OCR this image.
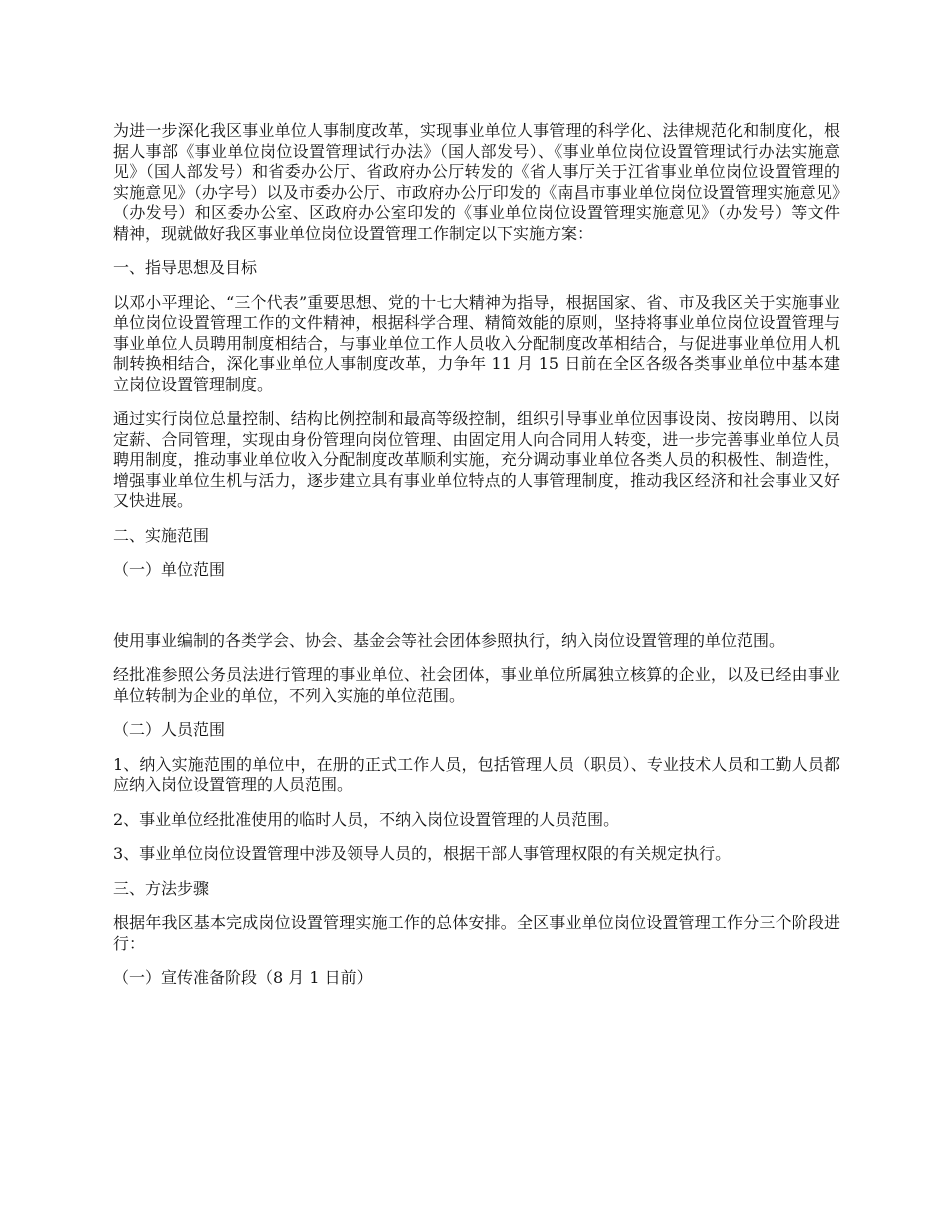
为进一步深化我区事业单位人事制度改革，实现事业单位人事管理的科学化、法律规范化和制度化，根据人事部《事业单位岗位设置管理试行办法》（国人部发号）、《事业单位岗位设置管理试行办法实施意见》（国人部发号）和省委办公厅、省政府办公厅转发的《省人事厅关于江省事业单位岗位设置管理的实施意见》（办字号）以及市委办公厅、市政府办公厅印发的《南昌市事业单位岗位设置管理实施意见》（办发号）和区委办公室、区政府办公室印发的《事业单位岗位设置管理实施意见》（办发号）等文件精神，现就做好我区事业单位岗位设置管理工作制定以下实施方案：

一、指导思想及目标

以邓小平理论、“三个代表”重要思想、党的十七大精神为指导，根据国家、省、市及我区关于实施事业单位岗位设置管理工作的文件精神，根据科学合理、精简效能的原则，坚持将事业单位岗位设置管理与事业单位人员聘用制度相结合，与事业单位工作人员收入分配制度改革相结合，与促进事业单位用人机制转换相结合，深化事业单位人事制度改革，力争年 11 月 15 日前在全区各级各类事业单位中基本建立岗位设置管理制度。

通过实行岗位总量控制、结构比例控制和最高等级控制，组织引导事业单位因事设岗、按岗聘用、以岗定薪、合同管理，实现由身份管理向岗位管理、由固定用人向合同用人转变，进一步完善事业单位人员聘用制度，推动事业单位收入分配制度改革顺利实施，充分调动事业单位各类人员的积极性、制造性，增强事业单位生机与活力，逐步建立具有事业单位特点的人事管理制度，推动我区经济和社会事业又好又快进展。

二、实施范围

（一）单位范围

使用事业编制的各类学会、协会、基金会等社会团体参照执行，纳入岗位设置管理的单位范围。

经批准参照公务员法进行管理的事业单位、社会团体，事业单位所属独立核算的企业，以及已经由事业单位转制为企业的单位，不列入实施的单位范围。

（二）人员范围

1、纳入实施范围的单位中，在册的正式工作人员，包括管理人员（职员）、专业技术人员和工勤人员都应纳入岗位设置管理的人员范围。

2、事业单位经批准使用的临时人员，不纳入岗位设置管理的人员范围。

3、事业单位岗位设置管理中涉及领导人员的，根据干部人事管理权限的有关规定执行。

三、方法步骤

根据年我区基本完成岗位设置管理实施工作的总体安排。全区事业单位岗位设置管理工作分三个阶段进行：

（一）宣传准备阶段（8 月 1 日前）
